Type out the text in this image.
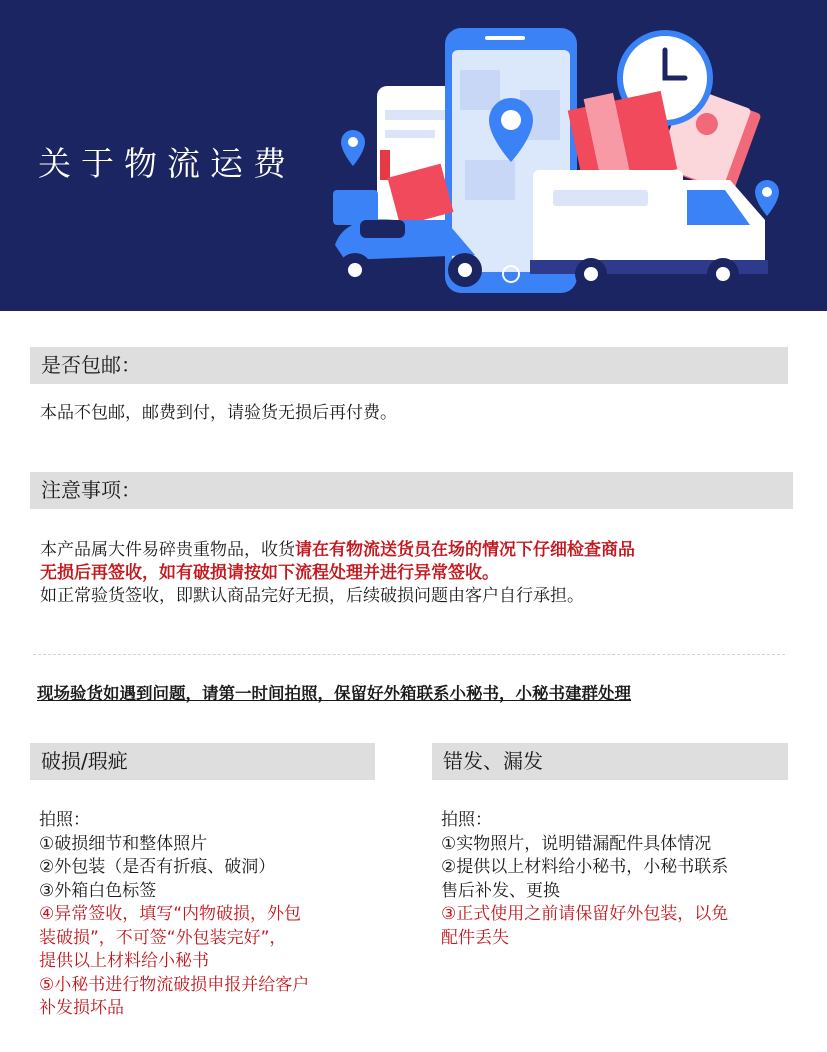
关于物流运费
是否包邮：
本品不包邮，邮费到付，请验货无损后再付费。
注意事项：
本产品属大件易碎贵重物品，收货请在有物流送货员在场的情况下仔细检查商品
无损后再签收，如有破损请按如下流程处理并进行异常签收。
如正常验货签收，即默认商品完好无损，后续破损问题由客户自行承担。
现场验货如遇到问题，请第一时间拍照，保留好外箱联系小秘书，小秘书建群处理
破损/瑕疵
拍照：
①破损细节和整体照片
②外包装（是否有折痕、破洞）
③外箱白色标签
④异常签收，填写“内物破损，外包
装破损”，不可签“外包装完好”，
提供以上材料给小秘书
⑤小秘书进行物流破损申报并给客户
补发损坏品
错发、漏发
拍照：
①实物照片，说明错漏配件具体情况
②提供以上材料给小秘书，小秘书联系
售后补发、更换
③正式使用之前请保留好外包装，以免
配件丢失
